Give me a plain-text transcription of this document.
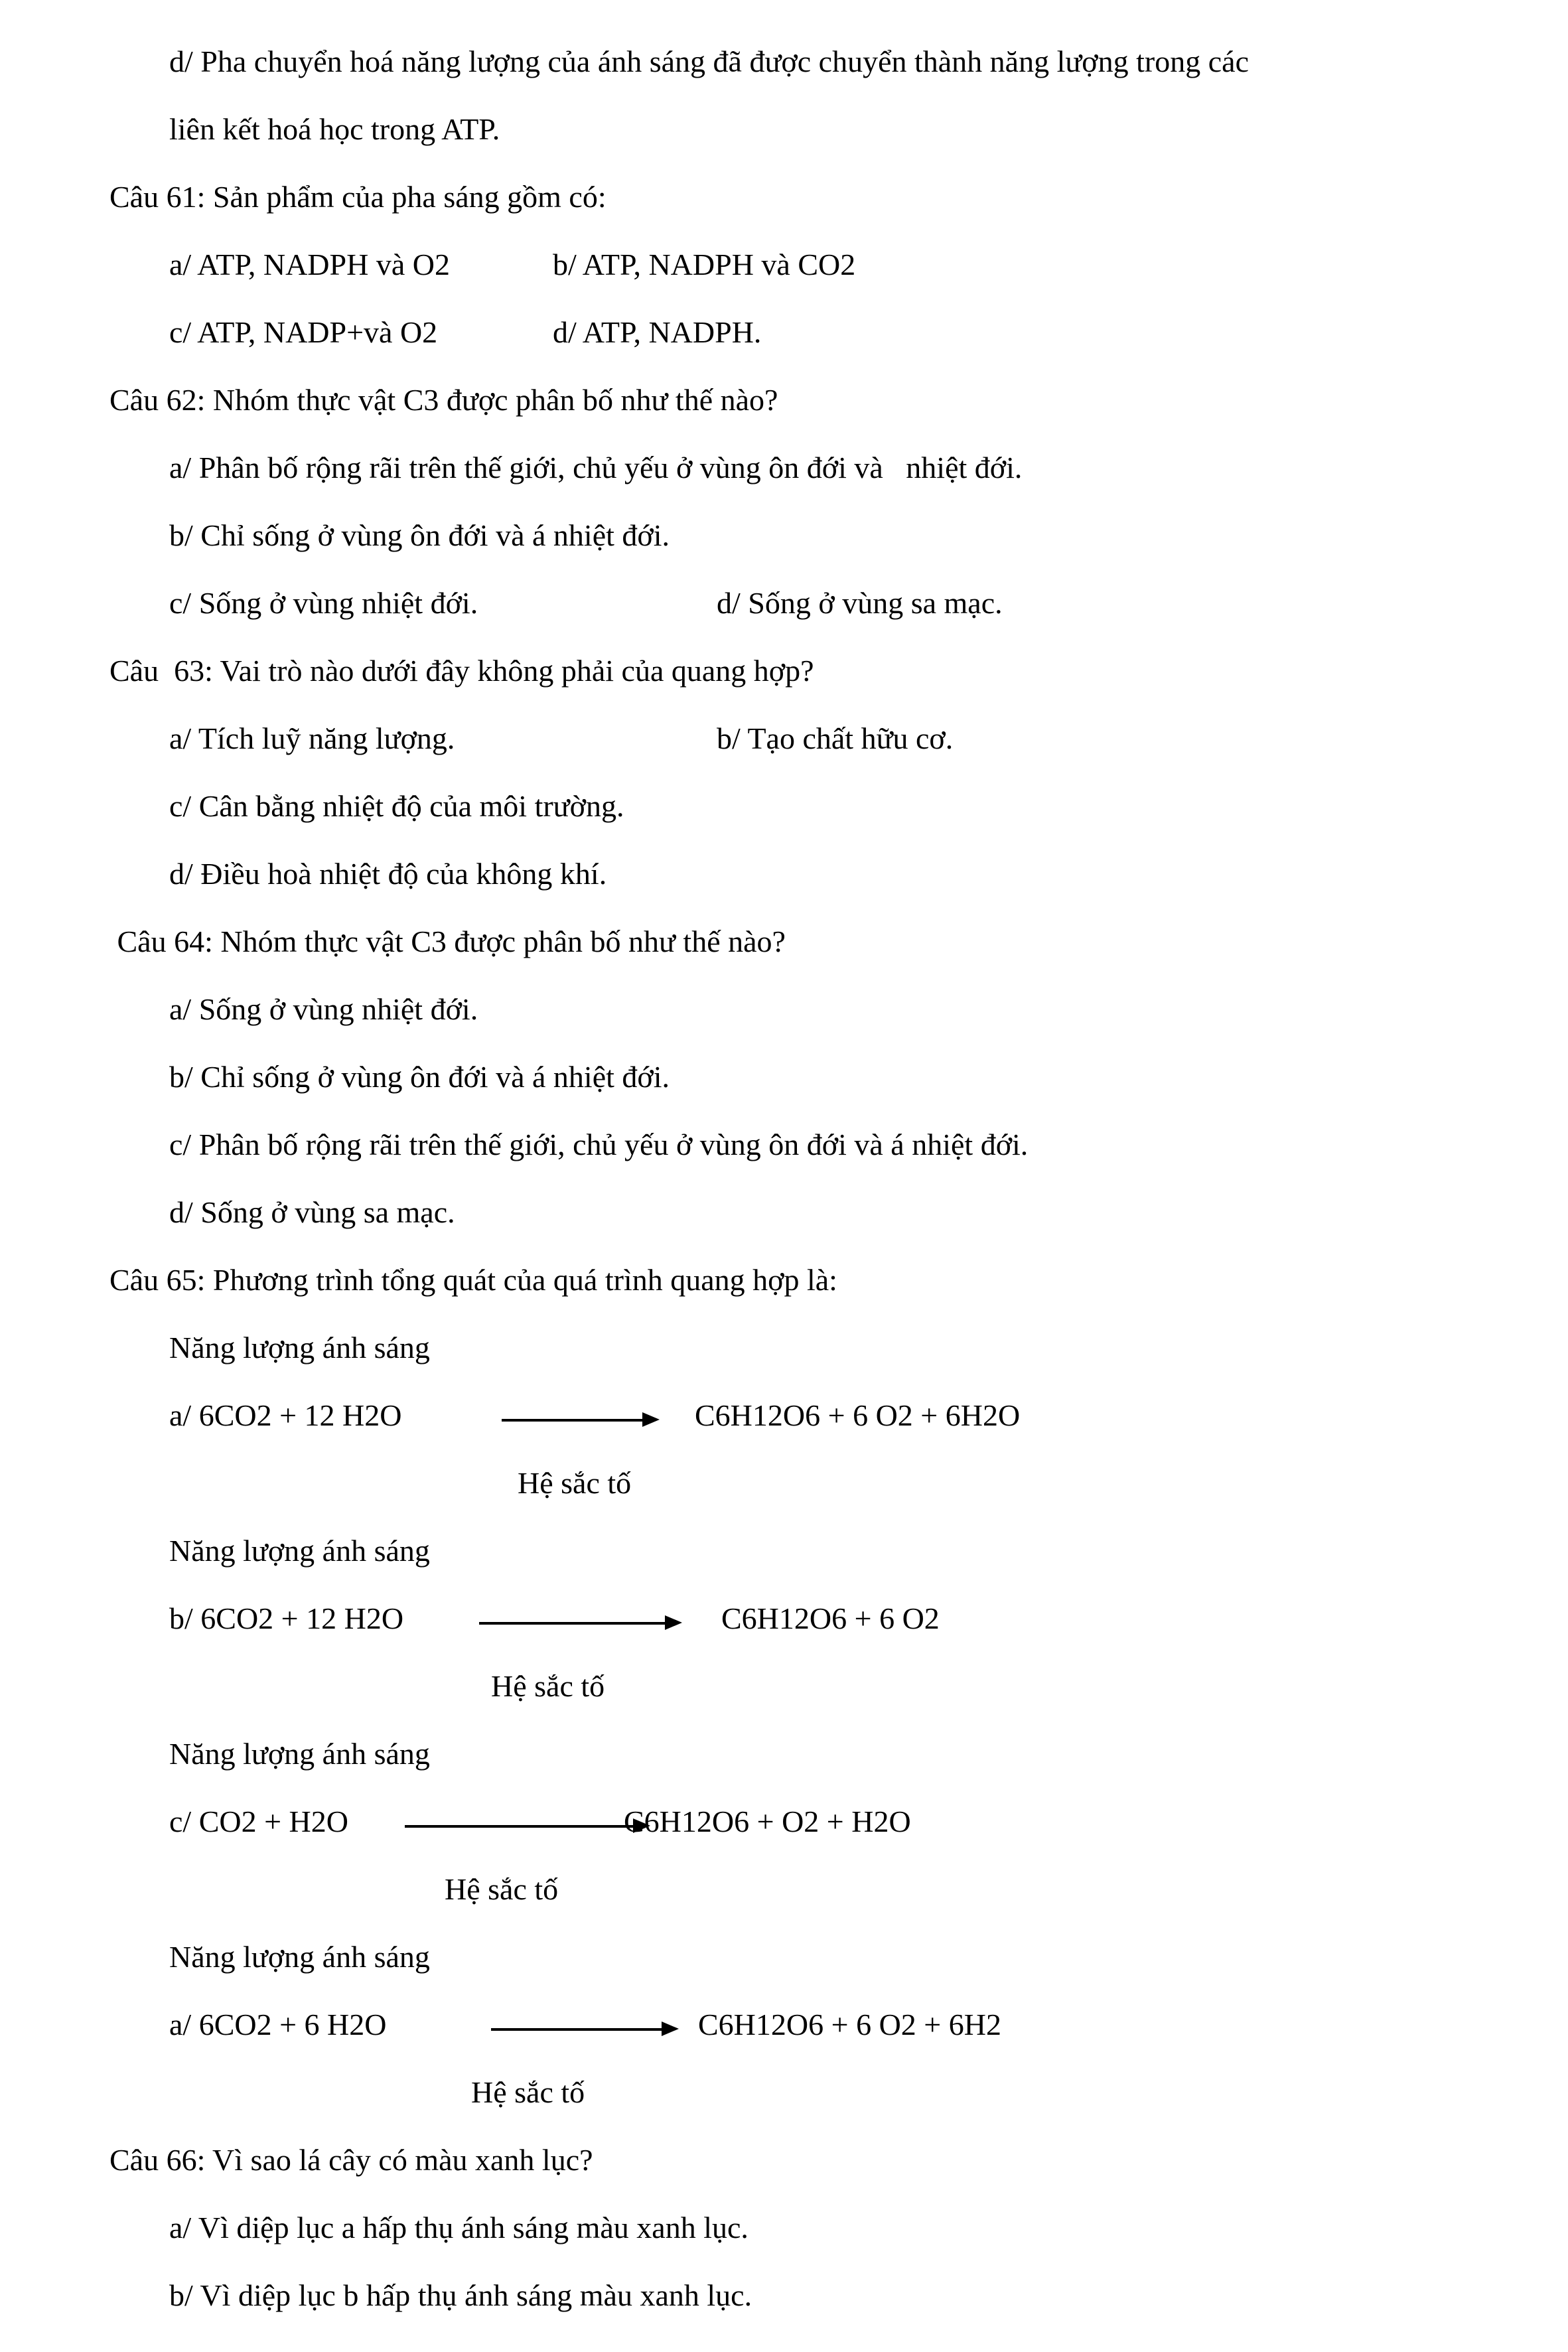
d/ Pha chuyển hoá năng lượng của ánh sáng đã được chuyển thành năng lượng trong các
liên kết hoá học trong ATP.
Câu 61: Sản phẩm của pha sáng gồm có:
a/ ATP, NADPH và O2	b/ ATP, NADPH và CO2
c/ ATP, NADP+và O2	d/ ATP, NADPH.
Câu 62: Nhóm thực vật C3 được phân bố như thế nào?
a/ Phân bố rộng rãi trên thế giới, chủ yếu ở vùng ôn đới và   nhiệt đới.
b/ Chỉ sống ở vùng ôn đới và á nhiệt đới.
c/ Sống ở vùng nhiệt đới.	d/ Sống ở vùng sa mạc.
Câu  63: Vai trò nào dưới đây không phải của quang hợp?
a/ Tích luỹ năng lượng.	b/ Tạo chất hữu cơ.
c/ Cân bằng nhiệt độ của môi trường.
d/ Điều hoà nhiệt độ của không khí.
Câu 64: Nhóm thực vật C3 được phân bố như thế nào?
a/ Sống ở vùng nhiệt đới.
b/ Chỉ sống ở vùng ôn đới và á nhiệt đới.
c/ Phân bố rộng rãi trên thế giới, chủ yếu ở vùng ôn đới và á nhiệt đới.
d/ Sống ở vùng sa mạc.
Câu 65: Phương trình tổng quát của quá trình quang hợp là:
Năng lượng ánh sáng
a/ 6CO2 + 12 H2O	C6H12O6 + 6 O2 + 6H2O
Hệ sắc tố
Năng lượng ánh sáng
b/ 6CO2 + 12 H2O	C6H12O6 + 6 O2
Hệ sắc tố
Năng lượng ánh sáng
c/ CO2 + H2O	C6H12O6 + O2 + H2O
Hệ sắc tố
Năng lượng ánh sáng
a/ 6CO2 + 6 H2O	C6H12O6 + 6 O2 + 6H2
Hệ sắc tố
Câu 66: Vì sao lá cây có màu xanh lục?
a/ Vì diệp lục a hấp thụ ánh sáng màu xanh lục.
b/ Vì diệp lục b hấp thụ ánh sáng màu xanh lục.
